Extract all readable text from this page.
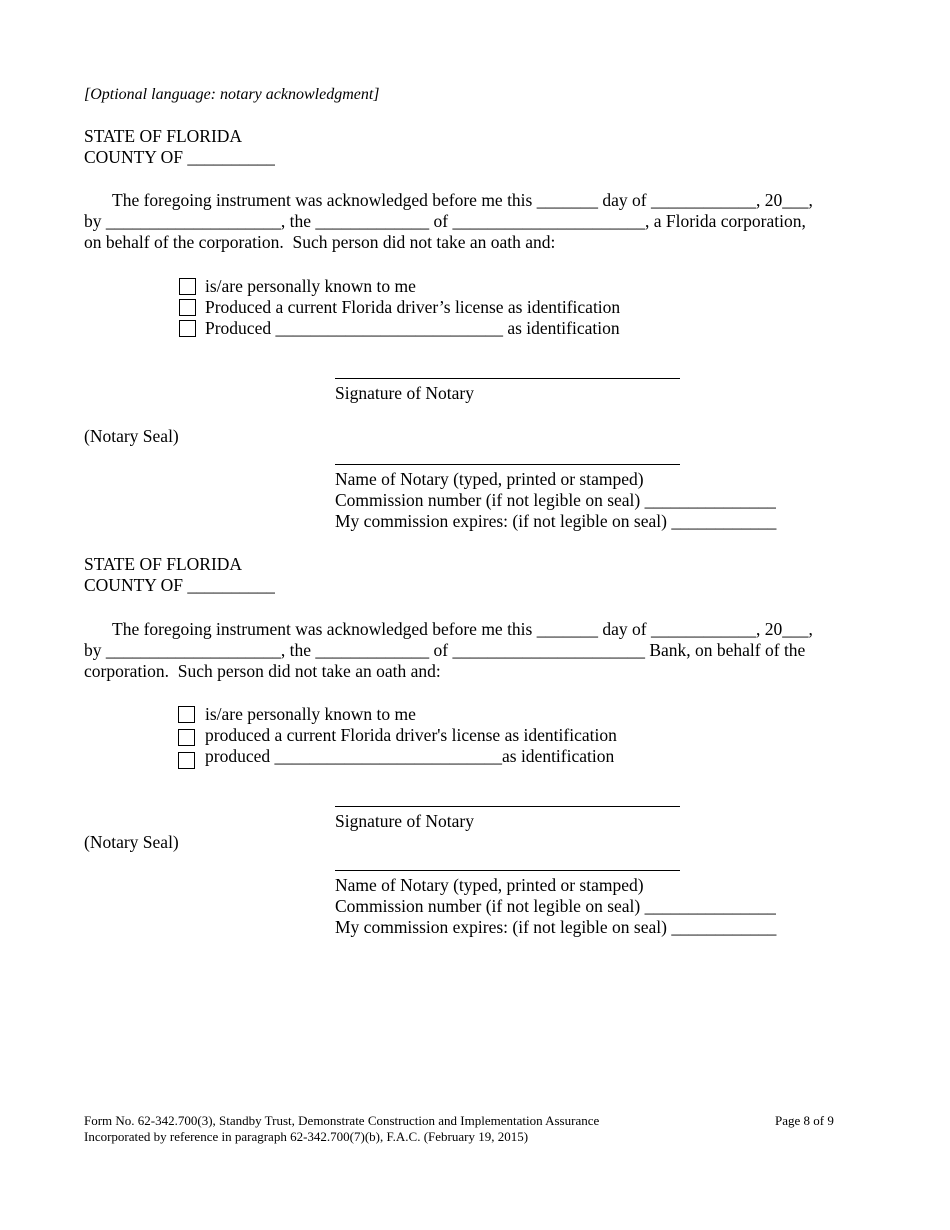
[Optional language: notary acknowledgment]
STATE OF FLORIDA
COUNTY OF __________
The foregoing instrument was acknowledged before me this _______ day of ____________, 20___,
by ____________________, the _____________ of ______________________, a Florida corporation,
on behalf of the corporation.  Such person did not take an oath and:
is/are personally known to me
Produced a current Florida driver’s license as identification
Produced __________________________ as identification
Signature of Notary
(Notary Seal)
Name of Notary (typed, printed or stamped)
Commission number (if not legible on seal) _______________
My commission expires: (if not legible on seal) ____________
STATE OF FLORIDA
COUNTY OF __________
The foregoing instrument was acknowledged before me this _______ day of ____________, 20___,
by ____________________, the _____________ of ______________________ Bank, on behalf of the
corporation.  Such person did not take an oath and:
is/are personally known to me
produced a current Florida driver's license as identification
produced __________________________as identification
Signature of Notary
(Notary Seal)
Name of Notary (typed, printed or stamped)
Commission number (if not legible on seal) _______________
My commission expires: (if not legible on seal) ____________
Form No. 62-342.700(3), Standby Trust, Demonstrate Construction and Implementation Assurance
Incorporated by reference in paragraph 62-342.700(7)(b), F.A.C. (February 19, 2015)
Page 8 of 9
